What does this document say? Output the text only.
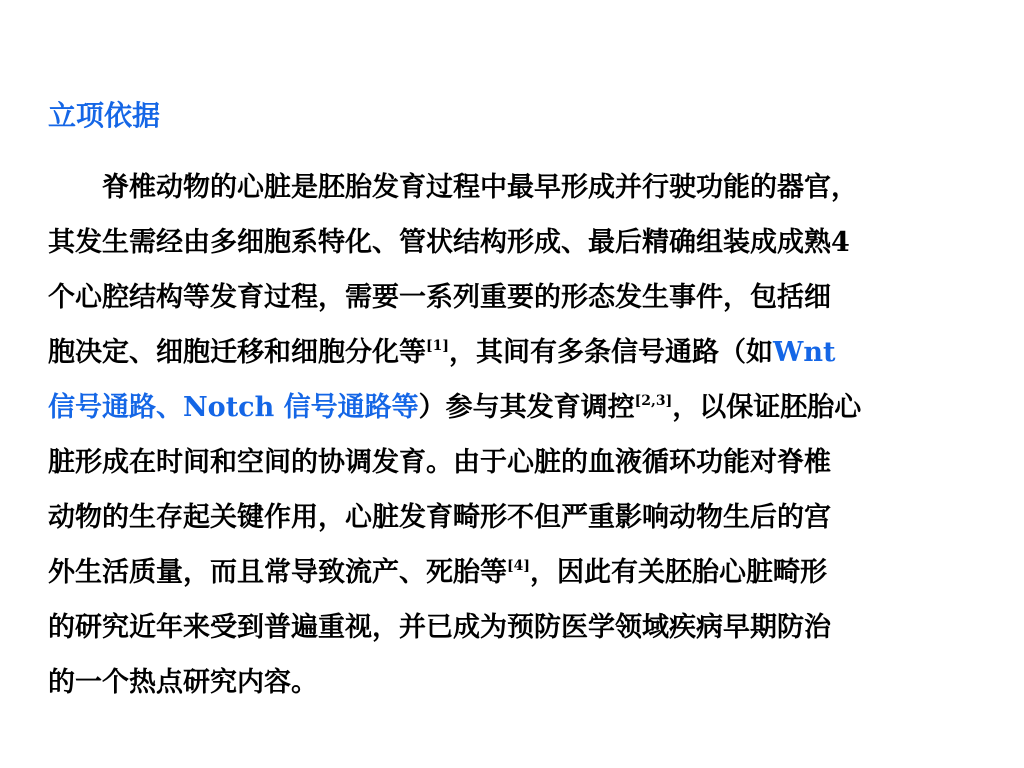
立项依据
　　脊椎动物的心脏是胚胎发育过程中最早形成并行驶功能的器官，
其发生需经由多细胞系特化、管状结构形成、最后精确组装成成熟4
个心腔结构等发育过程，需要一系列重要的形态发生事件，包括细
胞决定、细胞迁移和细胞分化等[1]，其间有多条信号通路（如Wnt
信号通路、Notch 信号通路等）参与其发育调控[2,3]，以保证胚胎心
脏形成在时间和空间的协调发育。由于心脏的血液循环功能对脊椎
动物的生存起关键作用，心脏发育畸形不但严重影响动物生后的宫
外生活质量，而且常导致流产、死胎等[4]，因此有关胚胎心脏畸形
的研究近年来受到普遍重视，并已成为预防医学领域疾病早期防治
的一个热点研究内容。
